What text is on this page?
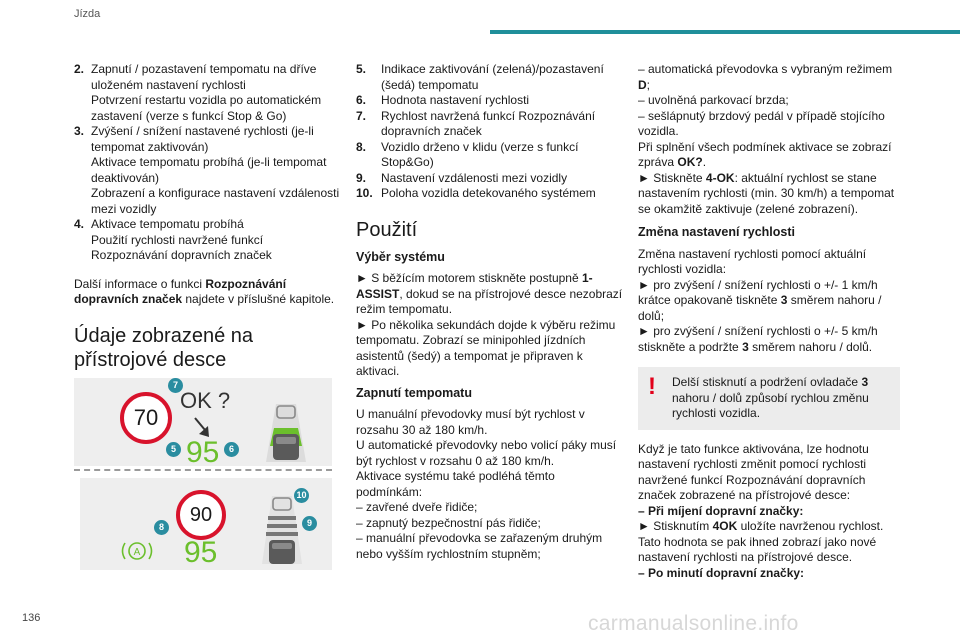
Jízda
2. Zapnutí / pozastavení tempomatu na dříve uloženém nastavení rychlosti
Potvrzení restartu vozidla po automatickém zastavení (verze s funkcí Stop & Go)
3. Zvýšení / snížení nastavené rychlosti (je-li tempomat zaktivován)
Aktivace tempomatu probíhá (je-li tempomat deaktivován)
Zobrazení a konfigurace nastavení vzdálenosti mezi vozidly
4. Aktivace tempomatu probíhá
Použití rychlosti navržené funkcí Rozpoznávání dopravních značek

Další informace o funkci Rozpoznávání dopravních značek najdete v příslušné kapitole.

Údaje zobrazené na přístrojové desce
70
OK ?
95
7
5	6
90
A 95
10
8	9
5.	Indikace zaktivování (zelená)/pozastavení (šedá) tempomatu
6.	Hodnota nastavení rychlosti
7.	Rychlost navržená funkcí Rozpoznávání dopravních značek
8.	Vozidlo drženo v klidu (verze s funkcí Stop&Go)
9.	Nastavení vzdálenosti mezi vozidly
10. Poloha vozidla detekovaného systémem
Použití
Výběr systému

► S běžícím motorem stiskněte postupně 1-ASSIST, dokud se na přístrojové desce nezobrazí režim tempomatu.

► Po několika sekundách dojde k výběru režimu tempomatu. Zobrazí se minipohled jízdních asistentů (šedý) a tempomat je připraven k aktivaci.

Zapnutí tempomatu

U manuální převodovky musí být rychlost v rozsahu 30 až 180 km/h.

U automatické převodovky nebo volicí páky musí být rychlost v rozsahu 0 až 180 km/h.

Aktivace systému také podléhá těmto podmínkám:

– zavřené dveře řidiče;

– zapnutý bezpečnostní pás řidiče;

– manuální převodovka se zařazeným druhým nebo vyšším rychlostním stupněm;

– automatická převodovka s vybraným režimem D;

– uvolněná parkovací brzda;

– sešlápnutý brzdový pedál v případě stojícího vozidla.

Při splnění všech podmínek aktivace se zobrazí zpráva OK?.

► Stiskněte 4-OK: aktuální rychlost se stane nastavením rychlosti (min. 30 km/h) a tempomat se okamžitě zaktivuje (zelené zobrazení).

Změna nastavení rychlosti

Změna nastavení rychlosti pomocí aktuální rychlosti vozidla:

► pro zvýšení / snížení rychlosti o +/- 1 km/h krátce opakovaně tiskněte 3 směrem nahoru / dolů;

► pro zvýšení / snížení rychlosti o +/- 5 km/h stiskněte a podržte 3 směrem nahoru / dolů.

!	Delší stisknutí a podržení ovladače 3 nahoru / dolů způsobí rychlou změnu rychlosti vozidla.

Když je tato funkce aktivována, lze hodnotu nastavení rychlosti změnit pomocí rychlosti navržené funkcí Rozpoznávání dopravních značek zobrazené na přístrojové desce:

– Při míjení dopravní značky:

► Stisknutím 4OK uložíte navrženou rychlost.

Tato hodnota se pak ihned zobrazí jako nové nastavení rychlosti na přístrojové desce.

– Po minutí dopravní značky:

136	carmanualsonline.info
